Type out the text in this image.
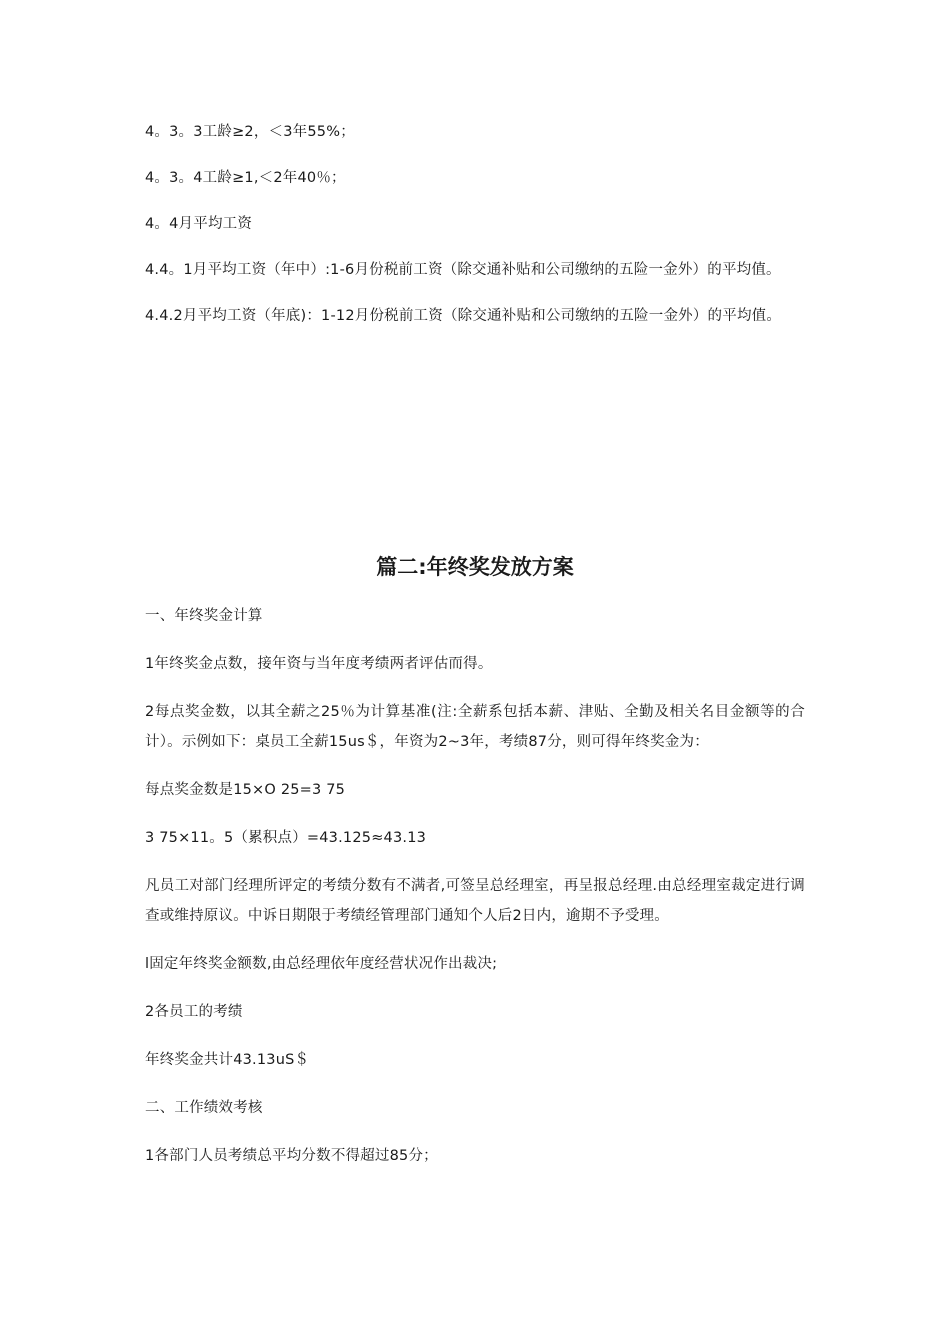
4。3。3工龄≥2，＜3年55%；

4。3。4工龄≥1,＜2年40％；

4。4月平均工资

4.4。1月平均工资（年中）:1-6月份税前工资（除交通补贴和公司缴纳的五险一金外）的平均值。

4.4.2月平均工资（年底)：1-12月份税前工资（除交通补贴和公司缴纳的五险一金外）的平均值。

篇二:年终奖发放方案

一、年终奖金计算

1年终奖金点数，接年资与当年度考绩两者评估而得。

2每点奖金数，以其全薪之25％为计算基准(注:全薪系包括本薪、津贴、全勤及相关名目金额等的合计）。示例如下：桌员工全薪15us＄，年资为2~3年，考绩87分，则可得年终奖金为：

每点奖金数是15×O 25=3 75

3 75×11。5（累积点）=43.125≈43.13

凡员工对部门经理所评定的考绩分数有不满者,可签呈总经理室，再呈报总经理.由总经理室裁定进行调查或维持原议。中诉日期限于考绩经管理部门通知个人后2日内，逾期不予受理。

l固定年终奖金额数,由总经理依年度经营状况作出裁决;

2各员工的考绩

年终奖金共计43.13uS＄

二、工作绩效考核

1各部门人员考绩总平均分数不得超过85分；
